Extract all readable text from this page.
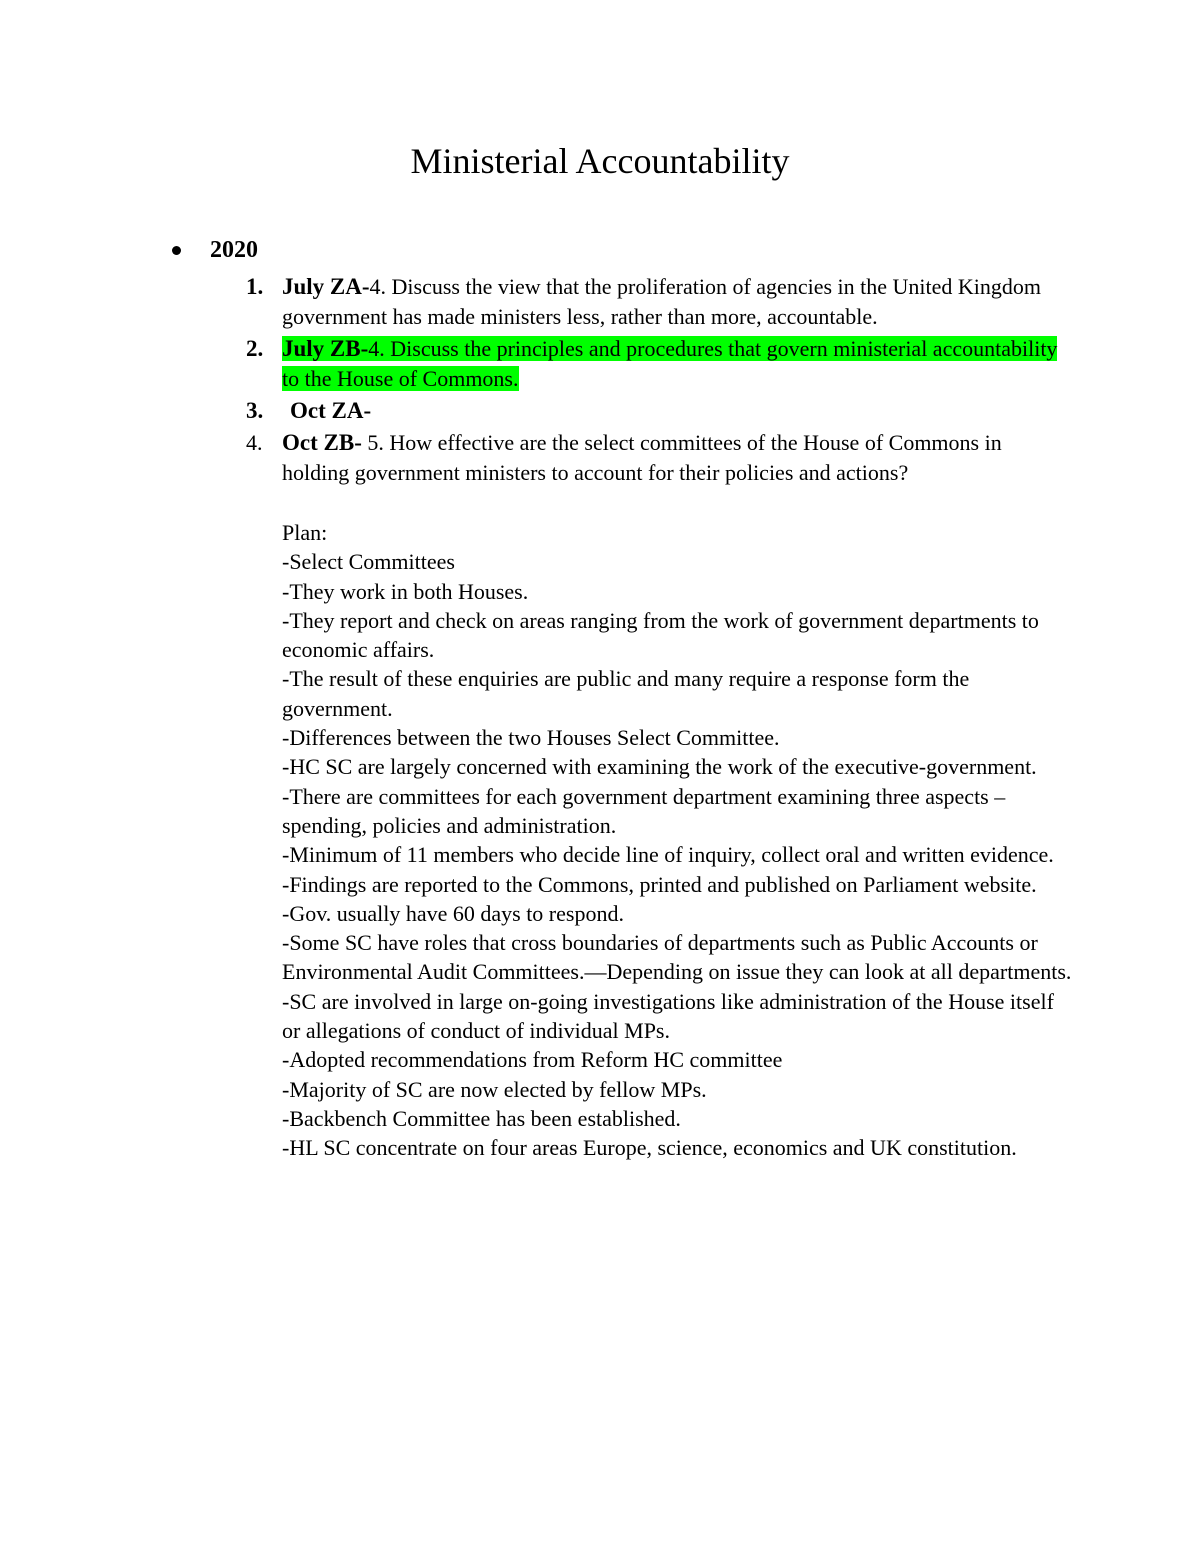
Ministerial Accountability
2020
1. July ZA-4. Discuss the view that the proliferation of agencies in the United Kingdom government has made ministers less, rather than more, accountable.
2. July ZB-4. Discuss the principles and procedures that govern ministerial accountability to the House of Commons.
3. Oct ZA-
4. Oct ZB- 5. How effective are the select committees of the House of Commons in holding government ministers to account for their policies and actions?
Plan:
-Select Committees
-They work in both Houses.
-They report and check on areas ranging from the work of government departments to economic affairs.
-The result of these enquiries are public and many require a response form the government.
-Differences between the two Houses Select Committee.
-HC SC are largely concerned with examining the work of the executive-government.
-There are committees for each government department examining three aspects – spending, policies and administration.
-Minimum of 11 members who decide line of inquiry, collect oral and written evidence.
-Findings are reported to the Commons, printed and published on Parliament website.
-Gov. usually have 60 days to respond.
-Some SC have roles that cross boundaries of departments such as Public Accounts or Environmental Audit Committees.—Depending on issue they can look at all departments.
-SC are involved in large on-going investigations like administration of the House itself or allegations of conduct of individual MPs.
-Adopted recommendations from Reform HC committee
-Majority of SC are now elected by fellow MPs.
-Backbench Committee has been established.
-HL SC concentrate on four areas Europe, science, economics and UK constitution.
